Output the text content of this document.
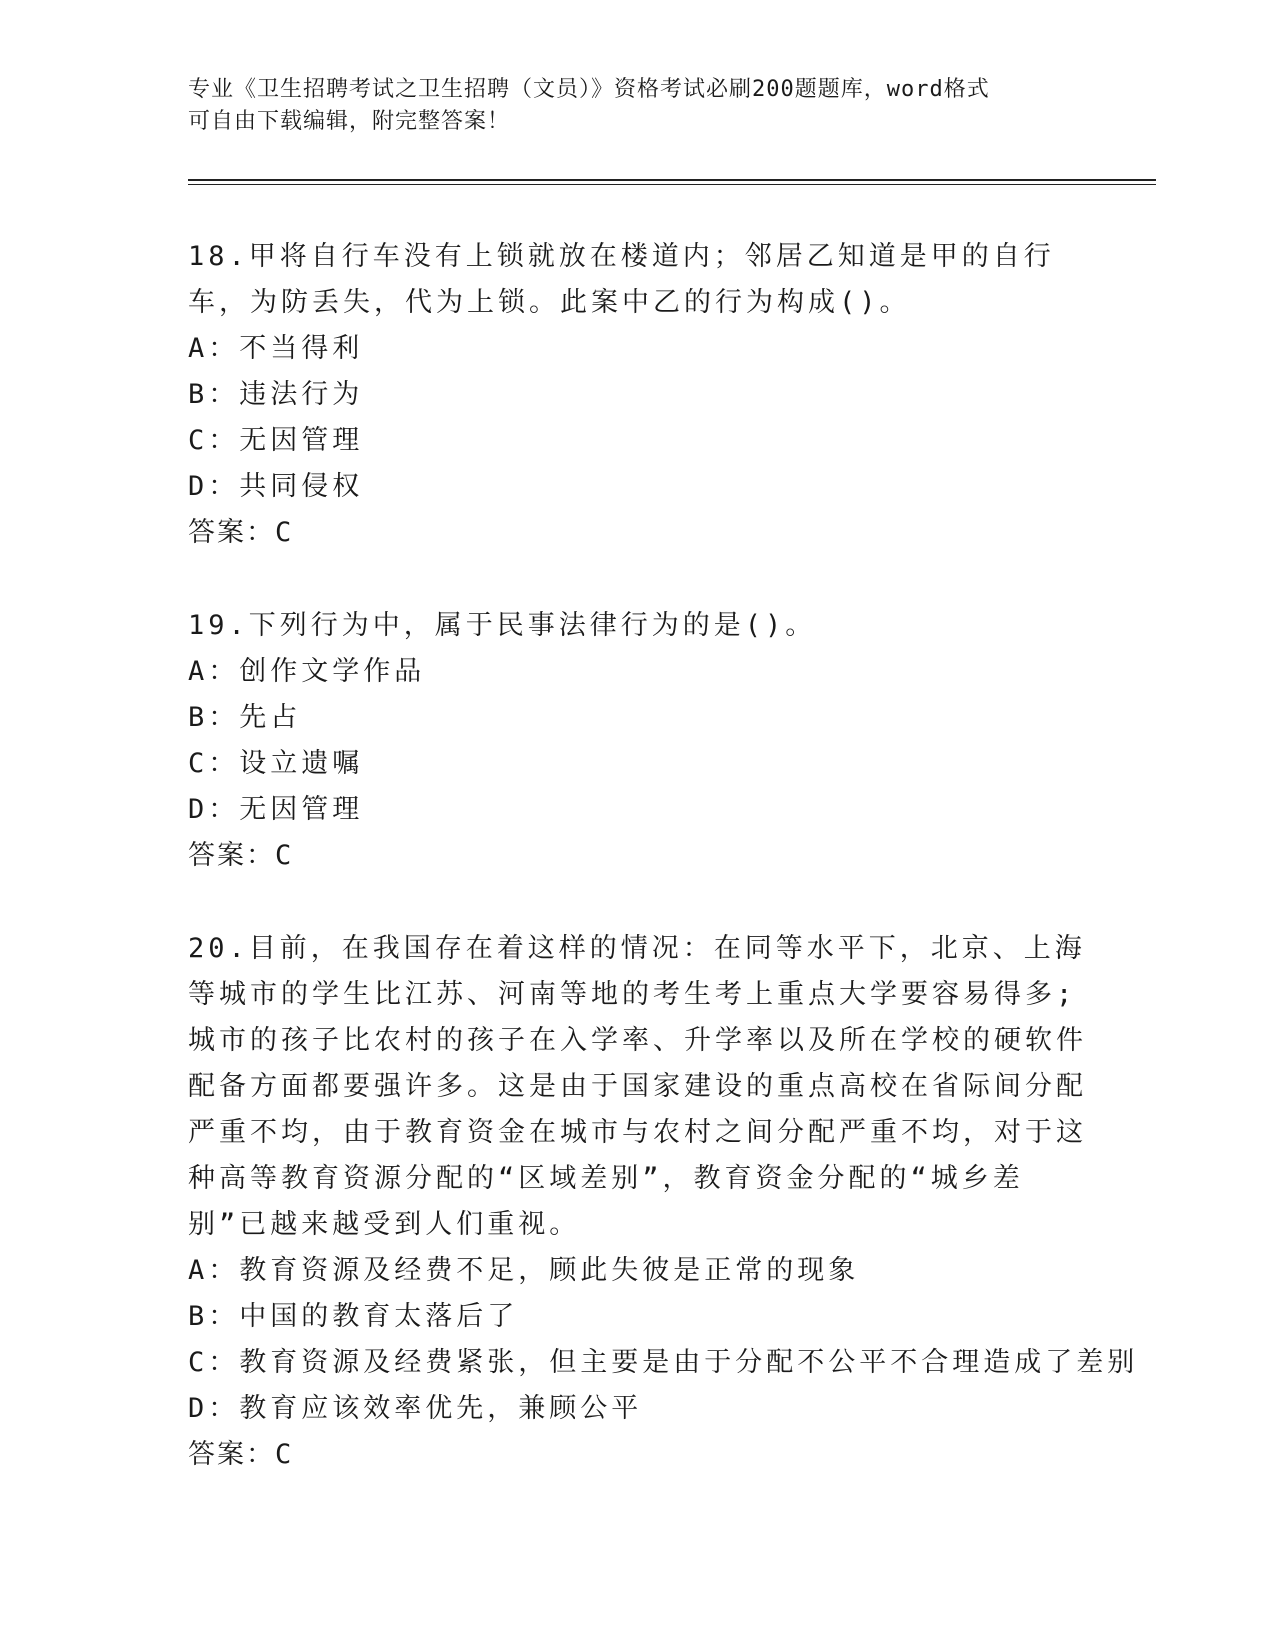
专业《卫生招聘考试之卫生招聘（文员）》资格考试必刷200题题库，word格式
可自由下载编辑，附完整答案！
18.甲将自行车没有上锁就放在楼道内；邻居乙知道是甲的自行车，为防丢失，代为上锁。此案中乙的行为构成()。
A：不当得利
B：违法行为
C：无因管理
D：共同侵权
答案：C
19.下列行为中，属于民事法律行为的是()。
A：创作文学作品
B：先占
C：设立遗嘱
D：无因管理
答案：C
20.目前，在我国存在着这样的情况：在同等水平下，北京、上海等城市的学生比江苏、河南等地的考生考上重点大学要容易得多;城市的孩子比农村的孩子在入学率、升学率以及所在学校的硬软件配备方面都要强许多。这是由于国家建设的重点高校在省际间分配严重不均，由于教育资金在城市与农村之间分配严重不均，对于这种高等教育资源分配的“区域差别”，教育资金分配的“城乡差别”已越来越受到人们重视。
A：教育资源及经费不足，顾此失彼是正常的现象
B：中国的教育太落后了
C：教育资源及经费紧张，但主要是由于分配不公平不合理造成了差别
D：教育应该效率优先，兼顾公平
答案：C
